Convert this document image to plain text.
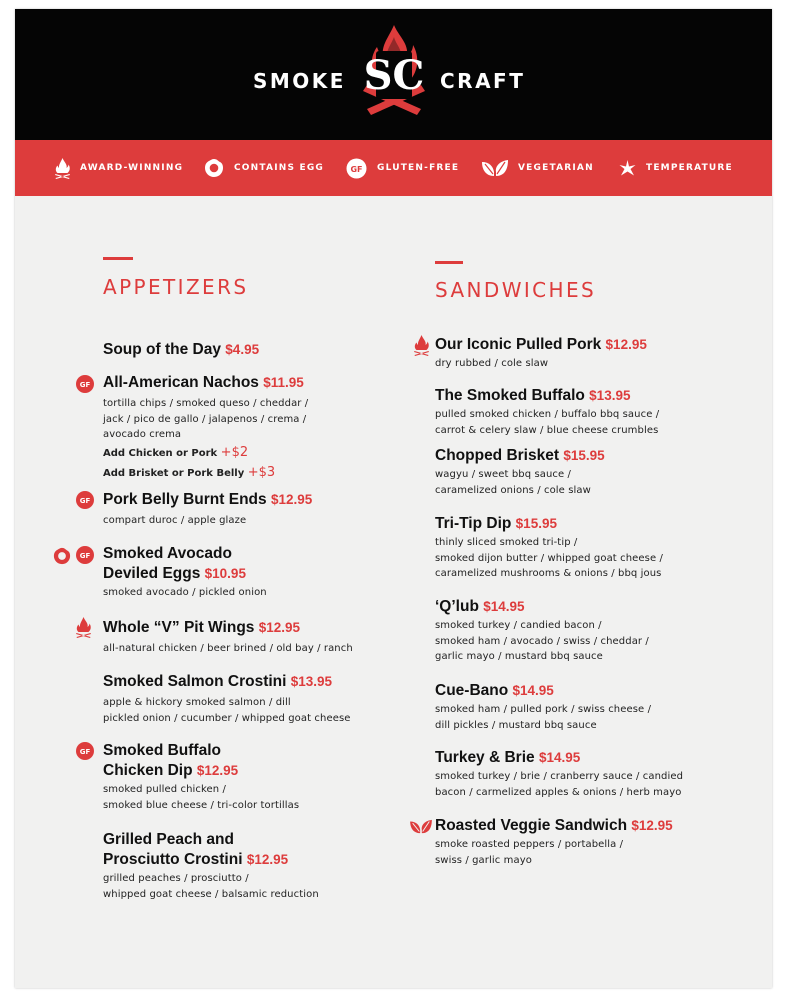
SMOKE SC CRAFT
AWARD-WINNING	CONTAINS EGG	GF GLUTEN-FREE	VEGETARIAN	TEMPERATURE
APPETIZERS
Soup of the Day $4.95
GF All-American Nachos $11.95
tortilla chips / smoked queso / cheddar /
jack / pico de gallo / jalapenos / crema /
avocado crema
Add Chicken or Pork +$2
Add Brisket or Pork Belly +$3
GF Pork Belly Burnt Ends $12.95
compart duroc / apple glaze
GF Smoked Avocado
Deviled Eggs $10.95
smoked avocado / pickled onion
Whole “V” Pit Wings $12.95
all-natural chicken / beer brined / old bay / ranch
Smoked Salmon Crostini $13.95
apple & hickory smoked salmon / dill
pickled onion / cucumber / whipped goat cheese
GF Smoked Buffalo
Chicken Dip $12.95
smoked pulled chicken /
smoked blue cheese / tri-color tortillas
Grilled Peach and
Prosciutto Crostini $12.95
grilled peaches / prosciutto /
whipped goat cheese / balsamic reduction
SANDWICHES
Our Iconic Pulled Pork $12.95
dry rubbed / cole slaw
The Smoked Buffalo $13.95
pulled smoked chicken / buffalo bbq sauce /
carrot & celery slaw / blue cheese crumbles
Chopped Brisket $15.95
wagyu / sweet bbq sauce /
caramelized onions / cole slaw
Tri-Tip Dip $15.95
thinly sliced smoked tri-tip /
smoked dijon butter / whipped goat cheese /
caramelized mushrooms & onions / bbq jous
‘Q’lub $14.95
smoked turkey / candied bacon /
smoked ham / avocado / swiss / cheddar /
garlic mayo / mustard bbq sauce
Cue-Bano $14.95
smoked ham / pulled pork / swiss cheese /
dill pickles / mustard bbq sauce
Turkey & Brie $14.95
smoked turkey / brie / cranberry sauce / candied
bacon / carmelized apples & onions / herb mayo
Roasted Veggie Sandwich $12.95
smoke roasted peppers / portabella /
swiss / garlic mayo
